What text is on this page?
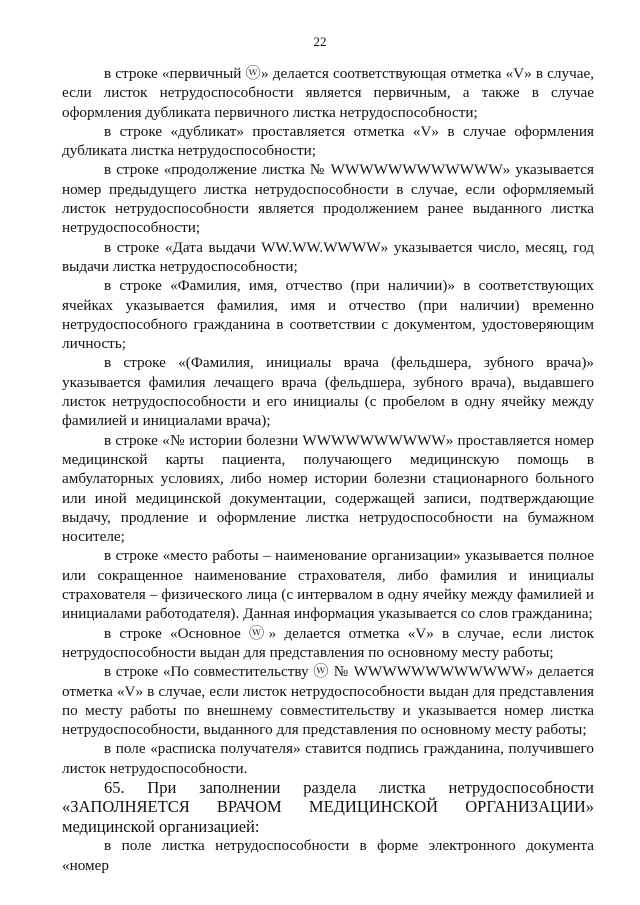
22

в строке «первичный ⓦ» делается соответствующая отметка «V» в случае, если листок нетрудоспособности является первичным, а также в случае оформления дубликата первичного листка нетрудоспособности;

в строке «дубликат» проставляется отметка «V» в случае оформления дубликата листка нетрудоспособности;

в строке «продолжение листка № WWWWWWWWWWWW» указывается номер предыдущего листка нетрудоспособности в случае, если оформляемый листок нетрудоспособности является продолжением ранее выданного листка нетрудоспособности;

в строке «Дата выдачи WW.WW.WWWW» указывается число, месяц, год выдачи листка нетрудоспособности;

в строке «Фамилия, имя, отчество (при наличии)» в соответствующих ячейках указывается фамилия, имя и отчество (при наличии) временно нетрудоспособного гражданина в соответствии с документом, удостоверяющим личность;

в строке «(Фамилия, инициалы врача (фельдшера, зубного врача)» указывается фамилия лечащего врача (фельдшера, зубного врача), выдавшего листок нетрудоспособности и его инициалы (с пробелом в одну ячейку между фамилией и инициалами врача);

в строке «№ истории болезни WWWWWWWWWW» проставляется номер медицинской карты пациента, получающего медицинскую помощь в амбулаторных условиях, либо номер истории болезни стационарного больного или иной медицинской документации, содержащей записи, подтверждающие выдачу, продление и оформление листка нетрудоспособности на бумажном носителе;

в строке «место работы – наименование организации» указывается полное или сокращенное наименование страхователя, либо фамилия и инициалы страхователя – физического лица (с интервалом в одну ячейку между фамилией и инициалами работодателя). Данная информация указывается со слов гражданина;

в строке «Основное ⓦ» делается отметка «V» в случае, если листок нетрудоспособности выдан для представления по основному месту работы;

в строке «По совместительству ⓦ № WWWWWWWWWWWW» делается отметка «V» в случае, если листок нетрудоспособности выдан для представления по месту работы по внешнему совместительству и указывается номер листка нетрудоспособности, выданного для представления по основному месту работы;

в поле «расписка получателя» ставится подпись гражданина, получившего листок нетрудоспособности.

65. При заполнении раздела листка нетрудоспособности «ЗАПОЛНЯЕТСЯ ВРАЧОМ МЕДИЦИНСКОЙ ОРГАНИЗАЦИИ» медицинской организацией:

в поле листка нетрудоспособности в форме электронного документа «номер
